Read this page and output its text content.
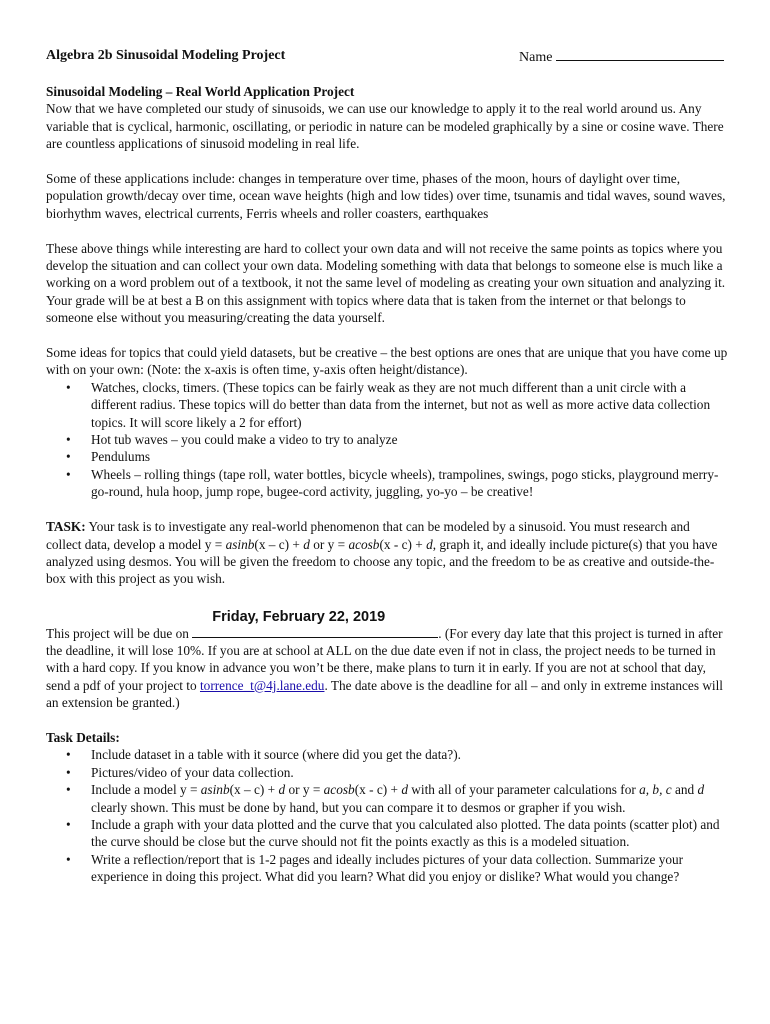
Algebra 2b Sinusoidal Modeling Project	Name

Sinusoidal Modeling – Real World Application Project

Now that we have completed our study of sinusoids, we can use our knowledge to apply it to the real world around us. Any variable that is cyclical, harmonic, oscillating, or periodic in nature can be modeled graphically by a sine or cosine wave. There are countless applications of sinusoid modeling in real life.

Some of these applications include: changes in temperature over time, phases of the moon, hours of daylight over time, population growth/decay over time, ocean wave heights (high and low tides) over time, tsunamis and tidal waves, sound waves, biorhythm waves, electrical currents, Ferris wheels and roller coasters, earthquakes

These above things while interesting are hard to collect your own data and will not receive the same points as topics where you develop the situation and can collect your own data. Modeling something with data that belongs to someone else is much like a working on a word problem out of a textbook, it not the same level of modeling as creating your own situation and analyzing it. Your grade will be at best a B on this assignment with topics where data that is taken from the internet or that belongs to someone else without you measuring/creating the data yourself.

Some ideas for topics that could yield datasets, but be creative – the best options are ones that are unique that you have come up with on your own: (Note: the x-axis is often time, y-axis often height/distance).

• Watches, clocks, timers. (These topics can be fairly weak as they are not much different than a unit circle with a different radius. These topics will do better than data from the internet, but not as well as more active data collection topics. It will score likely a 2 for effort)
• Hot tub waves – you could make a video to try to analyze
• Pendulums
• Wheels – rolling things (tape roll, water bottles, bicycle wheels), trampolines, swings, pogo sticks, playground merry-go-round, hula hoop, jump rope, bugee-cord activity, juggling, yo-yo – be creative!

TASK: Your task is to investigate any real-world phenomenon that can be modeled by a sinusoid. You must research and collect data, develop a model y = asinb(x – c) + d or y = acosb(x - c) + d, graph it, and ideally include picture(s) that you have analyzed using desmos. You will be given the freedom to choose any topic, and the freedom to be as creative and outside-the-box with this project as you wish.

This project will be due on
Friday, February 22, 2019
. (For every day late that this project is turned in after the deadline, it will lose 10%. If you are at school at ALL on the due date even if not in class, the project needs to be turned in with a hard copy. If you know in advance you won’t be there, make plans to turn it in early. If you are not at school that day, send a pdf of your project to torrence_t@4j.lane.edu. The date above is the deadline for all – and only in extreme instances will an extension be granted.)

Task Details:

• Include dataset in a table with it source (where did you get the data?).
• Pictures/video of your data collection.
• Include a model y = asinb(x – c) + d or y = acosb(x - c) + d with all of your parameter calculations for a, b, c and d clearly shown. This must be done by hand, but you can compare it to desmos or grapher if you wish.
• Include a graph with your data plotted and the curve that you calculated also plotted. The data points (scatter plot) and the curve should be close but the curve should not fit the points exactly as this is a modeled situation.
• Write a reflection/report that is 1-2 pages and ideally includes pictures of your data collection. Summarize your experience in doing this project. What did you learn? What did you enjoy or dislike? What would you change?
